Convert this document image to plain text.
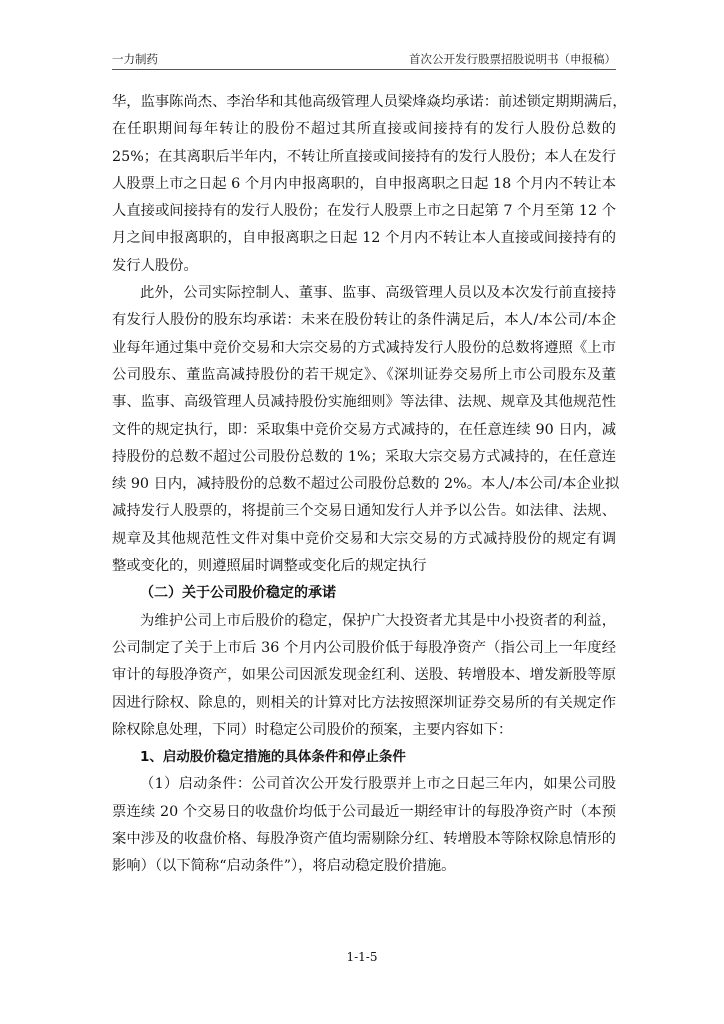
一力制药	首次公开发行股票招股说明书（申报稿）
华，监事陈尚杰、李治华和其他高级管理人员梁烽焱均承诺：前述锁定期期满后，
在任职期间每年转让的股份不超过其所直接或间接持有的发行人股份总数的
25%；在其离职后半年内，不转让所直接或间接持有的发行人股份；本人在发行
人股票上市之日起 6 个月内申报离职的，自申报离职之日起 18 个月内不转让本
人直接或间接持有的发行人股份；在发行人股票上市之日起第 7 个月至第 12 个
月之间申报离职的，自申报离职之日起 12 个月内不转让本人直接或间接持有的
发行人股份。
此外，公司实际控制人、董事、监事、高级管理人员以及本次发行前直接持
有发行人股份的股东均承诺：未来在股份转让的条件满足后，本人/本公司/本企
业每年通过集中竞价交易和大宗交易的方式减持发行人股份的总数将遵照《上市
公司股东、董监高减持股份的若干规定》、《深圳证券交易所上市公司股东及董
事、监事、高级管理人员减持股份实施细则》等法律、法规、规章及其他规范性
文件的规定执行，即：采取集中竞价交易方式减持的，在任意连续 90 日内，减
持股份的总数不超过公司股份总数的 1%；采取大宗交易方式减持的，在任意连
续 90 日内，减持股份的总数不超过公司股份总数的 2%。本人/本公司/本企业拟
减持发行人股票的，将提前三个交易日通知发行人并予以公告。如法律、法规、
规章及其他规范性文件对集中竞价交易和大宗交易的方式减持股份的规定有调
整或变化的，则遵照届时调整或变化后的规定执行
（二）关于公司股价稳定的承诺
为维护公司上市后股价的稳定，保护广大投资者尤其是中小投资者的利益，
公司制定了关于上市后 36 个月内公司股价低于每股净资产（指公司上一年度经
审计的每股净资产，如果公司因派发现金红利、送股、转增股本、增发新股等原
因进行除权、除息的，则相关的计算对比方法按照深圳证券交易所的有关规定作
除权除息处理，下同）时稳定公司股价的预案，主要内容如下：
1、启动股价稳定措施的具体条件和停止条件
（1）启动条件：公司首次公开发行股票并上市之日起三年内，如果公司股
票连续 20 个交易日的收盘价均低于公司最近一期经审计的每股净资产时（本预
案中涉及的收盘价格、每股净资产值均需剔除分红、转增股本等除权除息情形的
影响）（以下简称“启动条件”），将启动稳定股价措施。
1-1-5
